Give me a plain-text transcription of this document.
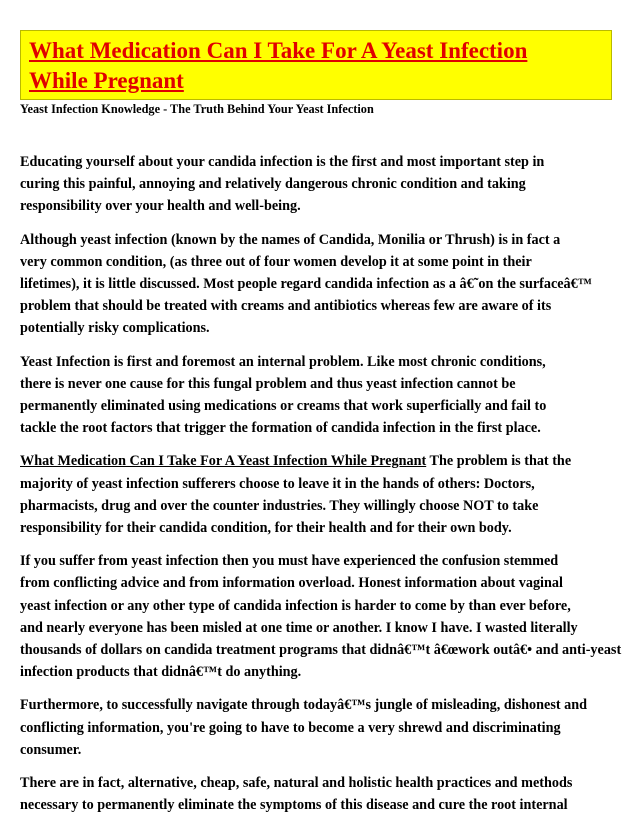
What Medication Can I Take For A Yeast Infection
While Pregnant

Yeast Infection Knowledge - The Truth Behind Your Yeast Infection

Educating yourself about your candida infection is the first and most important step in
curing this painful, annoying and relatively dangerous chronic condition and taking
responsibility over your health and well-being.

Although yeast infection (known by the names of Candida, Monilia or Thrush) is in fact a
very common condition, (as three out of four women develop it at some point in their
lifetimes), it is little discussed. Most people regard candida infection as a â€˜on the surfaceâ€™
problem that should be treated with creams and antibiotics whereas few are aware of its
potentially risky complications.

Yeast Infection is first and foremost an internal problem. Like most chronic conditions,
there is never one cause for this fungal problem and thus yeast infection cannot be
permanently eliminated using medications or creams that work superficially and fail to
tackle the root factors that trigger the formation of candida infection in the first place.

What Medication Can I Take For A Yeast Infection While Pregnant The problem is that the
majority of yeast infection sufferers choose to leave it in the hands of others: Doctors,
pharmacists, drug and over the counter industries. They willingly choose NOT to take
responsibility for their candida condition, for their health and for their own body.

If you suffer from yeast infection then you must have experienced the confusion stemmed
from conflicting advice and from information overload. Honest information about vaginal
yeast infection or any other type of candida infection is harder to come by than ever before,
and nearly everyone has been misled at one time or another. I know I have. I wasted literally
thousands of dollars on candida treatment programs that didnâ€™t â€œwork outâ€• and anti-yeast
infection products that didnâ€™t do anything.

Furthermore, to successfully navigate through todayâ€™s jungle of misleading, dishonest and
conflicting information, you're going to have to become a very shrewd and discriminating
consumer.

There are in fact, alternative, cheap, safe, natural and holistic health practices and methods
necessary to permanently eliminate the symptoms of this disease and cure the root internal
